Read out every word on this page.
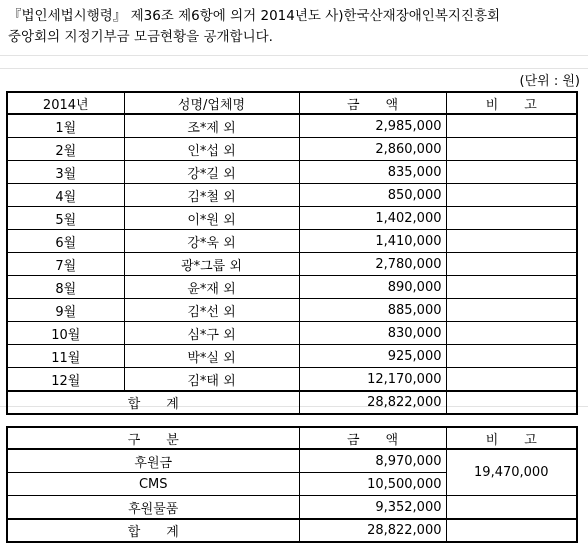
『법인세법시행령』 제36조 제6항에 의거 2014년도 사)한국산재장애인복지진흥회
중앙회의 지정기부금 모금현황을 공개합니다.
(단위 : 원)
2014년	성명/업체명	금　　액	비　　고
1월	조*제 외	2,985,000	
2월	인*섭 외	2,860,000	
3월	강*길 외	835,000	
4월	김*철 외	850,000	
5월	이*원 외	1,402,000	
6월	강*욱 외	1,410,000	
7월	광*그룹 외	2,780,000	
8월	윤*재 외	890,000	
9월	김*선 외	885,000	
10월	심*구 외	830,000	
11월	박*실 외	925,000	
12월	김*태 외	12,170,000	
합　　계		28,822,000	
구　　분	금　　액	비　　고
후원금	8,970,000	19,470,000
CMS	10,500,000	
후원물품	9,352,000	
합　　계	28,822,000	
